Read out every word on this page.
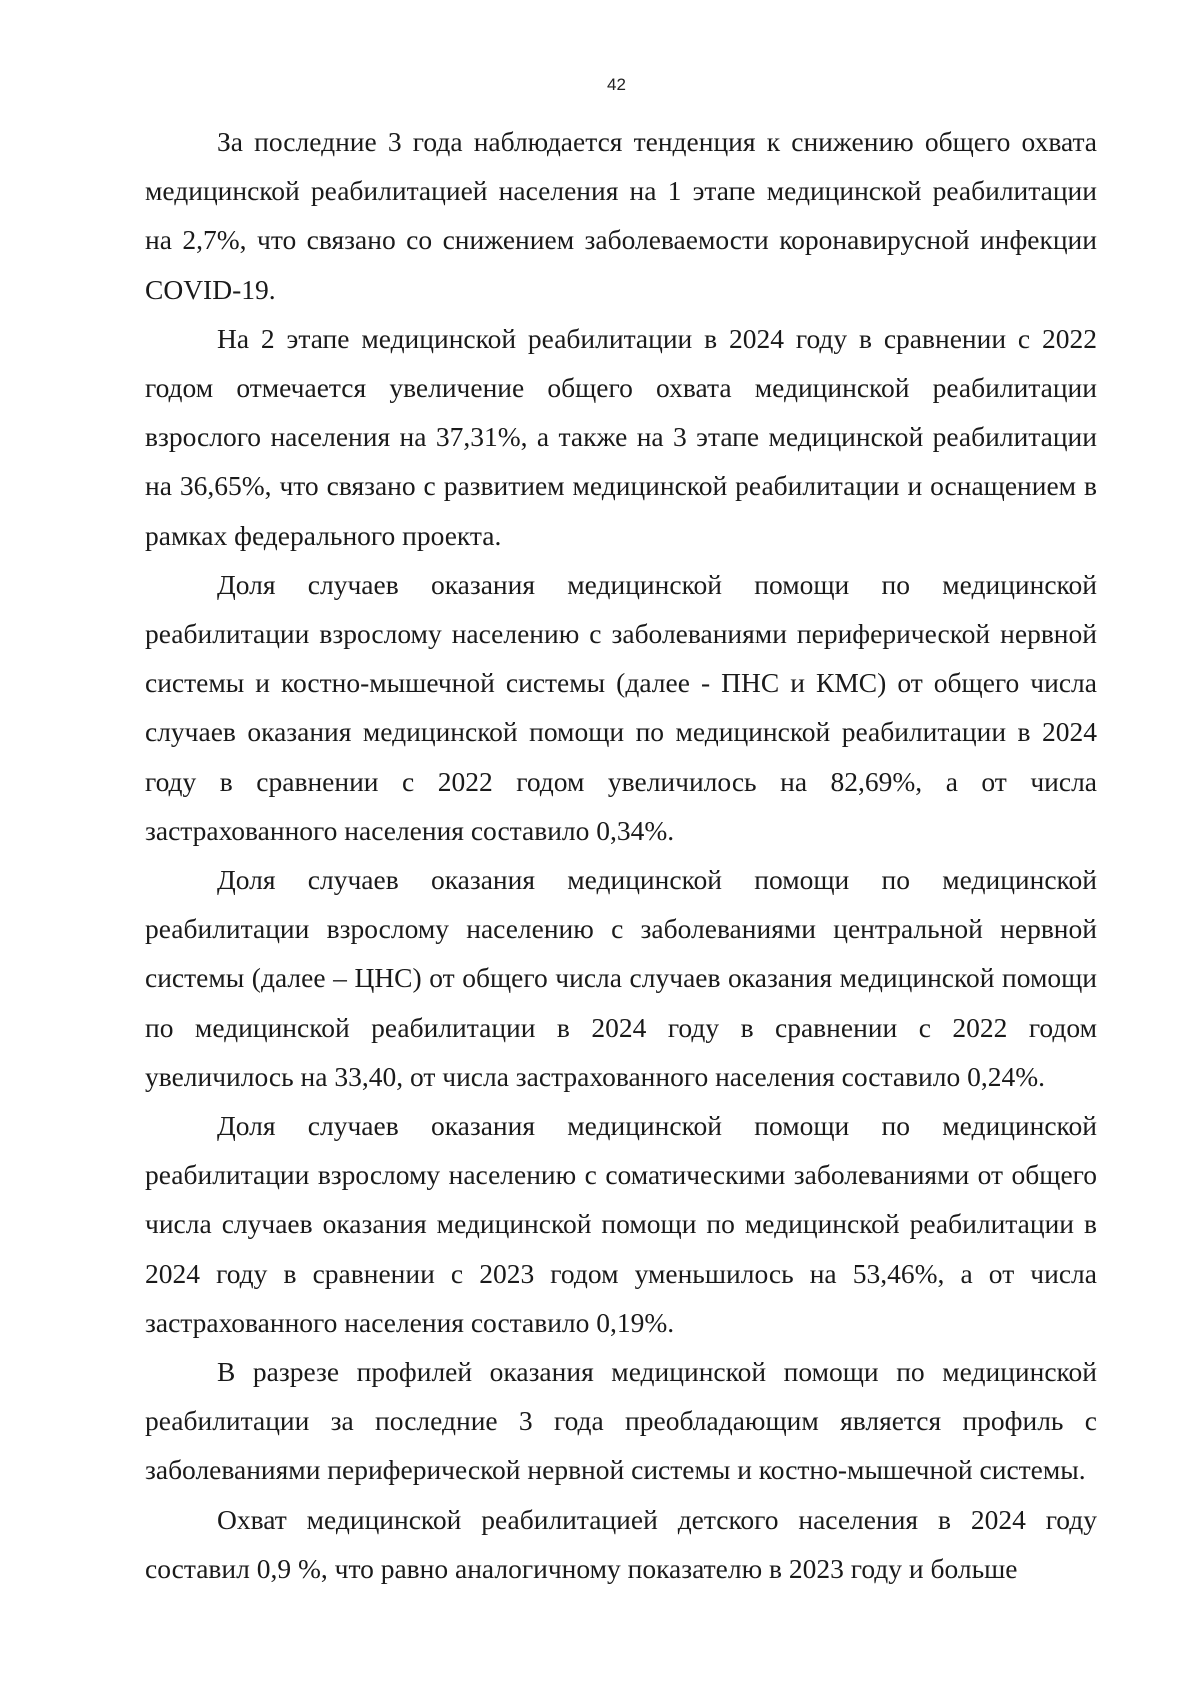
42

За последние 3 года наблюдается тенденция к снижению общего охвата медицинской реабилитацией населения на 1 этапе медицинской реабилитации на 2,7%, что связано со снижением заболеваемости коронавирусной инфекции COVID-19.

На 2 этапе медицинской реабилитации в 2024 году в сравнении с 2022 годом отмечается увеличение общего охвата медицинской реабилитации взрослого населения на 37,31%, а также на 3 этапе медицинской реабилитации на 36,65%, что связано с развитием медицинской реабилитации и оснащением в рамках федерального проекта.

Доля случаев оказания медицинской помощи по медицинской реабилитации взрослому населению с заболеваниями периферической нервной системы и костно-мышечной системы (далее - ПНС и КМС) от общего числа случаев оказания медицинской помощи по медицинской реабилитации в 2024 году в сравнении с 2022 годом увеличилось на 82,69%, а от числа застрахованного населения составило 0,34%.

Доля случаев оказания медицинской помощи по медицинской реабилитации взрослому населению с заболеваниями центральной нервной системы (далее – ЦНС) от общего числа случаев оказания медицинской помощи по медицинской реабилитации в 2024 году в сравнении с 2022 годом увеличилось на 33,40, от числа застрахованного населения составило 0,24%.

Доля случаев оказания медицинской помощи по медицинской реабилитации взрослому населению с соматическими заболеваниями от общего числа случаев оказания медицинской помощи по медицинской реабилитации в 2024 году в сравнении с 2023 годом уменьшилось на 53,46%, а от числа застрахованного населения составило 0,19%.

В разрезе профилей оказания медицинской помощи по медицинской реабилитации за последние 3 года преобладающим является профиль с заболеваниями периферической нервной системы и костно-мышечной системы.

Охват медицинской реабилитацией детского населения в 2024 году составил 0,9 %, что равно аналогичному показателю в 2023 году и больше
